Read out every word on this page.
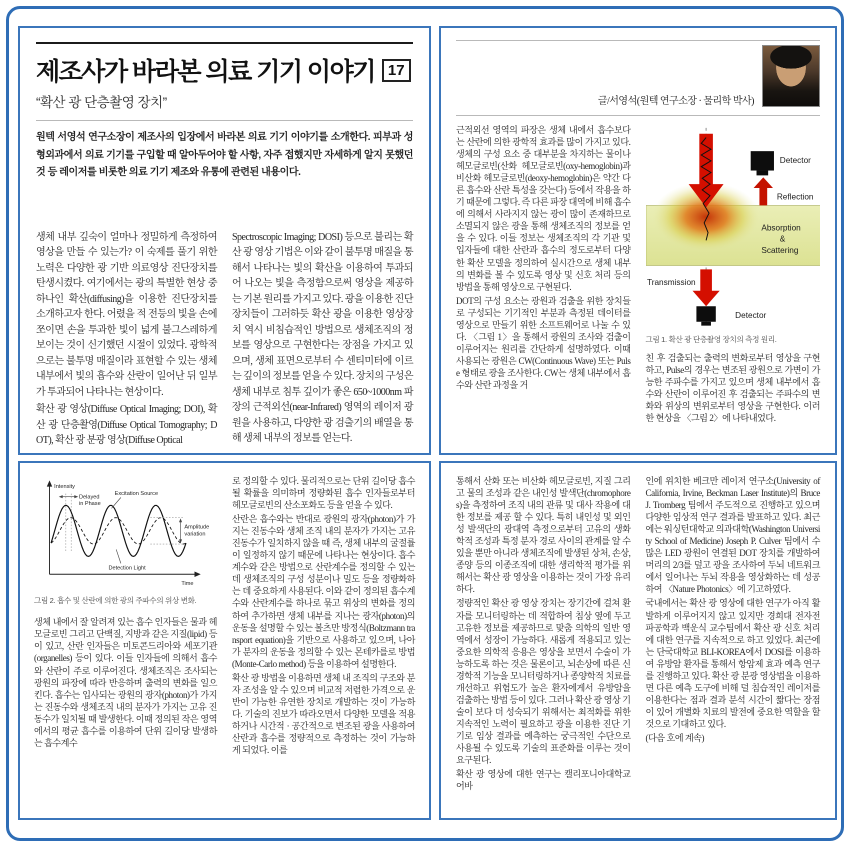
제조사가 바라본 의료 기기 이야기 17
“확산 광 단층촬영 장치”

원텍 서영석 연구소장이 제조사의 입장에서 바라본 의료 기기 이야기를 소개한다. 피부과 성형외과에서 의료 기기를 구입할 때 알아두어야 할 사항, 자주 접했지만 자세하게 알지 못했던 것 등 레이저를 비롯한 의료 기기 제조와 유통에 관련된 내용이다.

생체 내부 깊숙이 얼마나 정밀하게 측정하여 영상을 만들 수 있는가? 이 숙제를 풀기 위한 노력은 다양한 광 기반 의료영상 진단장치를 탄생시켰다. 여기에서는 광의 특별한 현상 중 하나인 확산(diffusing)을 이용한 진단장치를 소개하고자 한다. 어렸을 적 전등의 빛을 손에 쪼이면 손을 투과한 빛이 넓게 불그스레하게 보이는 것이 신기했던 시절이 있었다. 광학적으로는 불투명 매질이라 표현할 수 있는 생체 내부에서 빛의 흡수와 산란이 일어난 뒤 일부가 투과되어 나타나는 현상이다.

확산 광 영상(Diffuse Optical Imaging; DOI), 확산 광 단층촬영(Diffuse Optical Tomography; DOT), 확산 광 분광 영상(Diffuse Optical

Spectroscopic Imaging; DOSI) 등으로 불리는 확산 광 영상 기법은 이와 같이 불투명 매질을 통해서 나타나는 빛의 확산을 이용하여 투과되어 나오는 빛을 측정함으로써 영상을 제공하는 기본 원리를 가지고 있다. 광을 이용한 진단 장치들이 그러하듯 확산 광을 이용한 영상장치 역시 비침습적인 방법으로 생체조직의 정보를 영상으로 구현한다는 장점을 가지고 있으며, 생체 표면으로부터 수 센티미터에 이르는 깊이의 정보를 얻을 수 있다. 장치의 구성은 생체 내부로 침투 깊이가 좋은 650~1000nm 파장의 근적외선(near-Infrared) 영역의 레이저 광원을 사용하고, 다양한 광 검출기의 배열을 통해 생체 내부의 정보를 얻는다.

글/서영석(원텍 연구소장 · 물리학 박사)

근적외선 영역의 파장은 생체 내에서 흡수보다는 산란에 의한 광학적 효과를 많이 가지고 있다. 생체의 구성 요소 중 대부분을 차지하는 물이나 헤모글로빈(산화 헤모글로빈(oxy-hemoglobin)과 비산화 헤모글로빈(deoxy-hemoglobin)은 약간 다른 흡수와 산란 특성을 갖는다) 등에서 작용을 하기 때문에 그렇다. 즉 다른 파장 대역에 비해 흡수에 의해서 사라지지 않는 광이 많이 존재하므로 소멸되지 않은 광을 통해 생체조직의 정보를 얻을 수 있다. 이들 정보는 생체조직의 각 기관 및 입자들에 대한 산란과 흡수의 정도로부터 다양한 확산 모델을 정의하여 실시간으로 생체 내부의 변화를 볼 수 있도록 영상 및 신호 처리 등의 방법을 통해 영상으로 구현된다.

DOT의 구성 요소는 광원과 검출을 위한 장치들로 구성되는 기기적인 부분과 측정된 데이터를 영상으로 만들기 위한 소프트웨어로 나눌 수 있다. 〈그림 1〉을 통해서 광원의 조사와 검출이 이루어지는 원리를 간단하게 설명하였다. 이때 사용되는 광원은 CW(Continuous Wave) 또는 Pulse 형태로 광을 조사한다. CW는 생체 내부에서 흡수와 산란 과정을 거

Detector
Reflection
Absorption
&
Scattering
Transmission
Detector
그림 1. 확산 광 단층촬영 장치의 측정 원리.

친 후 검출되는 출력의 변화로부터 영상을 구현하고, Pulse의 경우는 변조된 광원으로 가변이 가능한 주파수를 가지고 있으며 생체 내부에서 흡수와 산란이 이루어진 후 검출되는 주파수의 변화와 위상의 변위로부터 영상을 구현한다. 이러한 현상을 〈그림 2〉에 나타내었다.

Intensity
Time
Delayed
in Phase
Excitation Source
Amplitude
variation
Detection Light
그림 2. 흡수 및 산란에 의한 광의 주파수의 위상 변화.

생체 내에서 잘 알려져 있는 흡수 인자들은 물과 헤모글로빈 그리고 단백질, 지방과 같은 지질(lipid) 등이 있고, 산란 인자들은 미토콘드리아와 세포기관(organelles) 등이 있다. 이들 인자들에 의해서 흡수와 산란이 주로 이루어진다. 생체조직은 조사되는 광원의 파장에 따라 반응하며 출력의 변화를 일으킨다. 흡수는 입사되는 광원의 광자(photon)가 가지는 진동수와 생체조직 내의 분자가 가지는 고유 진동수가 일치될 때 발생한다. 이때 정의된 작은 영역에서의 평균 흡수를 이용하여 단위 길이당 발생하는 흡수계수

로 정의할 수 있다. 물리적으로는 단위 길이당 흡수될 확률을 의미하며 정량화된 흡수 인자들로부터 헤모글로빈의 산소포화도 등을 얻을 수 있다.

산란은 흡수와는 반대로 광원의 광자(photon)가 가지는 진동수와 생체 조직 내의 분자가 가지는 고유진동수가 일치하지 않을 때 즉, 생체 내부의 굴절률이 일정하지 않기 때문에 나타나는 현상이다. 흡수계수와 같은 방법으로 산란계수를 정의할 수 있는데 생체조직의 구성 성분이나 밀도 등을 정량화하는 데 중요하게 사용된다. 이와 같이 정의된 흡수계수와 산란계수를 하나로 묶고 위상의 변화를 정의하여 추가하면 생체 내부를 지나는 광자(photon)의 운동을 설명할 수 있는 볼츠만 방정식(Boltzmann transport equation)을 기반으로 사용하고 있으며, 나아가 분자의 운동을 정의할 수 있는 몬테카를로 방법(Monte-Carlo method) 등을 이용하여 설명한다.

확산 광 방법을 이용하면 생체 내 조직의 구조와 분자 조성을 알 수 있으며 비교적 저렴한 가격으로 운반이 가능한 유연한 장치로 개발하는 것이 가능하다. 기술의 진보가 따라오면서 다양한 모델을 적용하거나 시간적 · 공간적으로 변조된 광을 사용하여 산란과 흡수를 정량적으로 측정하는 것이 가능하게 되었다. 이를

통해서 산화 또는 비산화 헤모글로빈, 지질 그리고 물의 조성과 같은 내인성 발색단(chromophores)을 측정하여 조직 내의 관류 및 대사 작용에 대한 정보를 제공 할 수 있다. 특히 내인성 및 외인성 발색단의 광대역 측정으로부터 고유의 생화학적 조성과 특정 분자 경로 사이의 관계를 알 수 있을 뿐만 아니라 생체조직에 발생된 상처, 손상, 종양 등의 이종조직에 대한 생리학적 평가를 위해서는 확산 광 영상을 이용하는 것이 가장 유리하다.

정량적인 확산 광 영상 장치는 장기간에 걸쳐 환자를 모니터링하는 데 적합하여 침상 옆에 두고 고유한 정보를 제공하므로 맞춤 의학의 일반 영역에서 성장이 가능하다. 새롭게 적용되고 있는 중요한 의학적 응용은 영상을 보면서 수술이 가능하도록 하는 것은 물론이고, 뇌손상에 따른 신경학적 기능을 모니터링하거나 종양학적 치료를 개선하고 위험도가 높은 환자에게서 유방암을 검출하는 방법 등이 있다. 그러나 확산 광 영상 기술이 보다 더 성숙되기 위해서는 최적화를 위한 지속적인 노력이 필요하고 광을 이용한 진단 기기로 임상 결과를 예측하는 궁극적인 수단으로 사용될 수 있도록 기술의 표준화를 이루는 것이 요구된다.

확산 광 영상에 대한 연구는 캘리포니아대학교 어바

인에 위치한 베크만 레이저 연구소(University of California, Irvine, Beckman Laser Institute)의 Bruce J. Tromberg 팀에서 주도적으로 진행하고 있으며 다양한 임상적 연구 결과를 발표하고 있다. 최근에는 워싱턴대학교 의과대학(Washington University School of Medicine) Joseph P. Culver 팀에서 수많은 LED 광원이 연결된 DOT 장치를 개발하여 머리의 2/3를 덮고 광을 조사하여 두뇌 네트워크에서 일어나는 두뇌 작용을 영상화하는 데 성공하여 〈Nature Photonics〉에 기고하였다.

국내에서는 확산 광 영상에 대한 연구가 아직 활발하게 이루어지지 않고 있지만 경희대 전자전파공학과 백운식 교수팀에서 확산 광 신호 처리에 대한 연구를 지속적으로 하고 있었다. 최근에는 단국대학교 BLI-KOREA에서 DOSI를 이용하여 유방암 환자를 통해서 항암제 효과 예측 연구를 진행하고 있다. 확산 광 분광 영상법을 이용하면 다른 예측 도구에 비해 덜 침습적인 레이저를 이용한다는 점과 결과 분석 시간이 짧다는 장점이 있어 개별화 치료의 발전에 중요한 역할을 할 것으로 기대하고 있다.

(다음 호에 계속)
